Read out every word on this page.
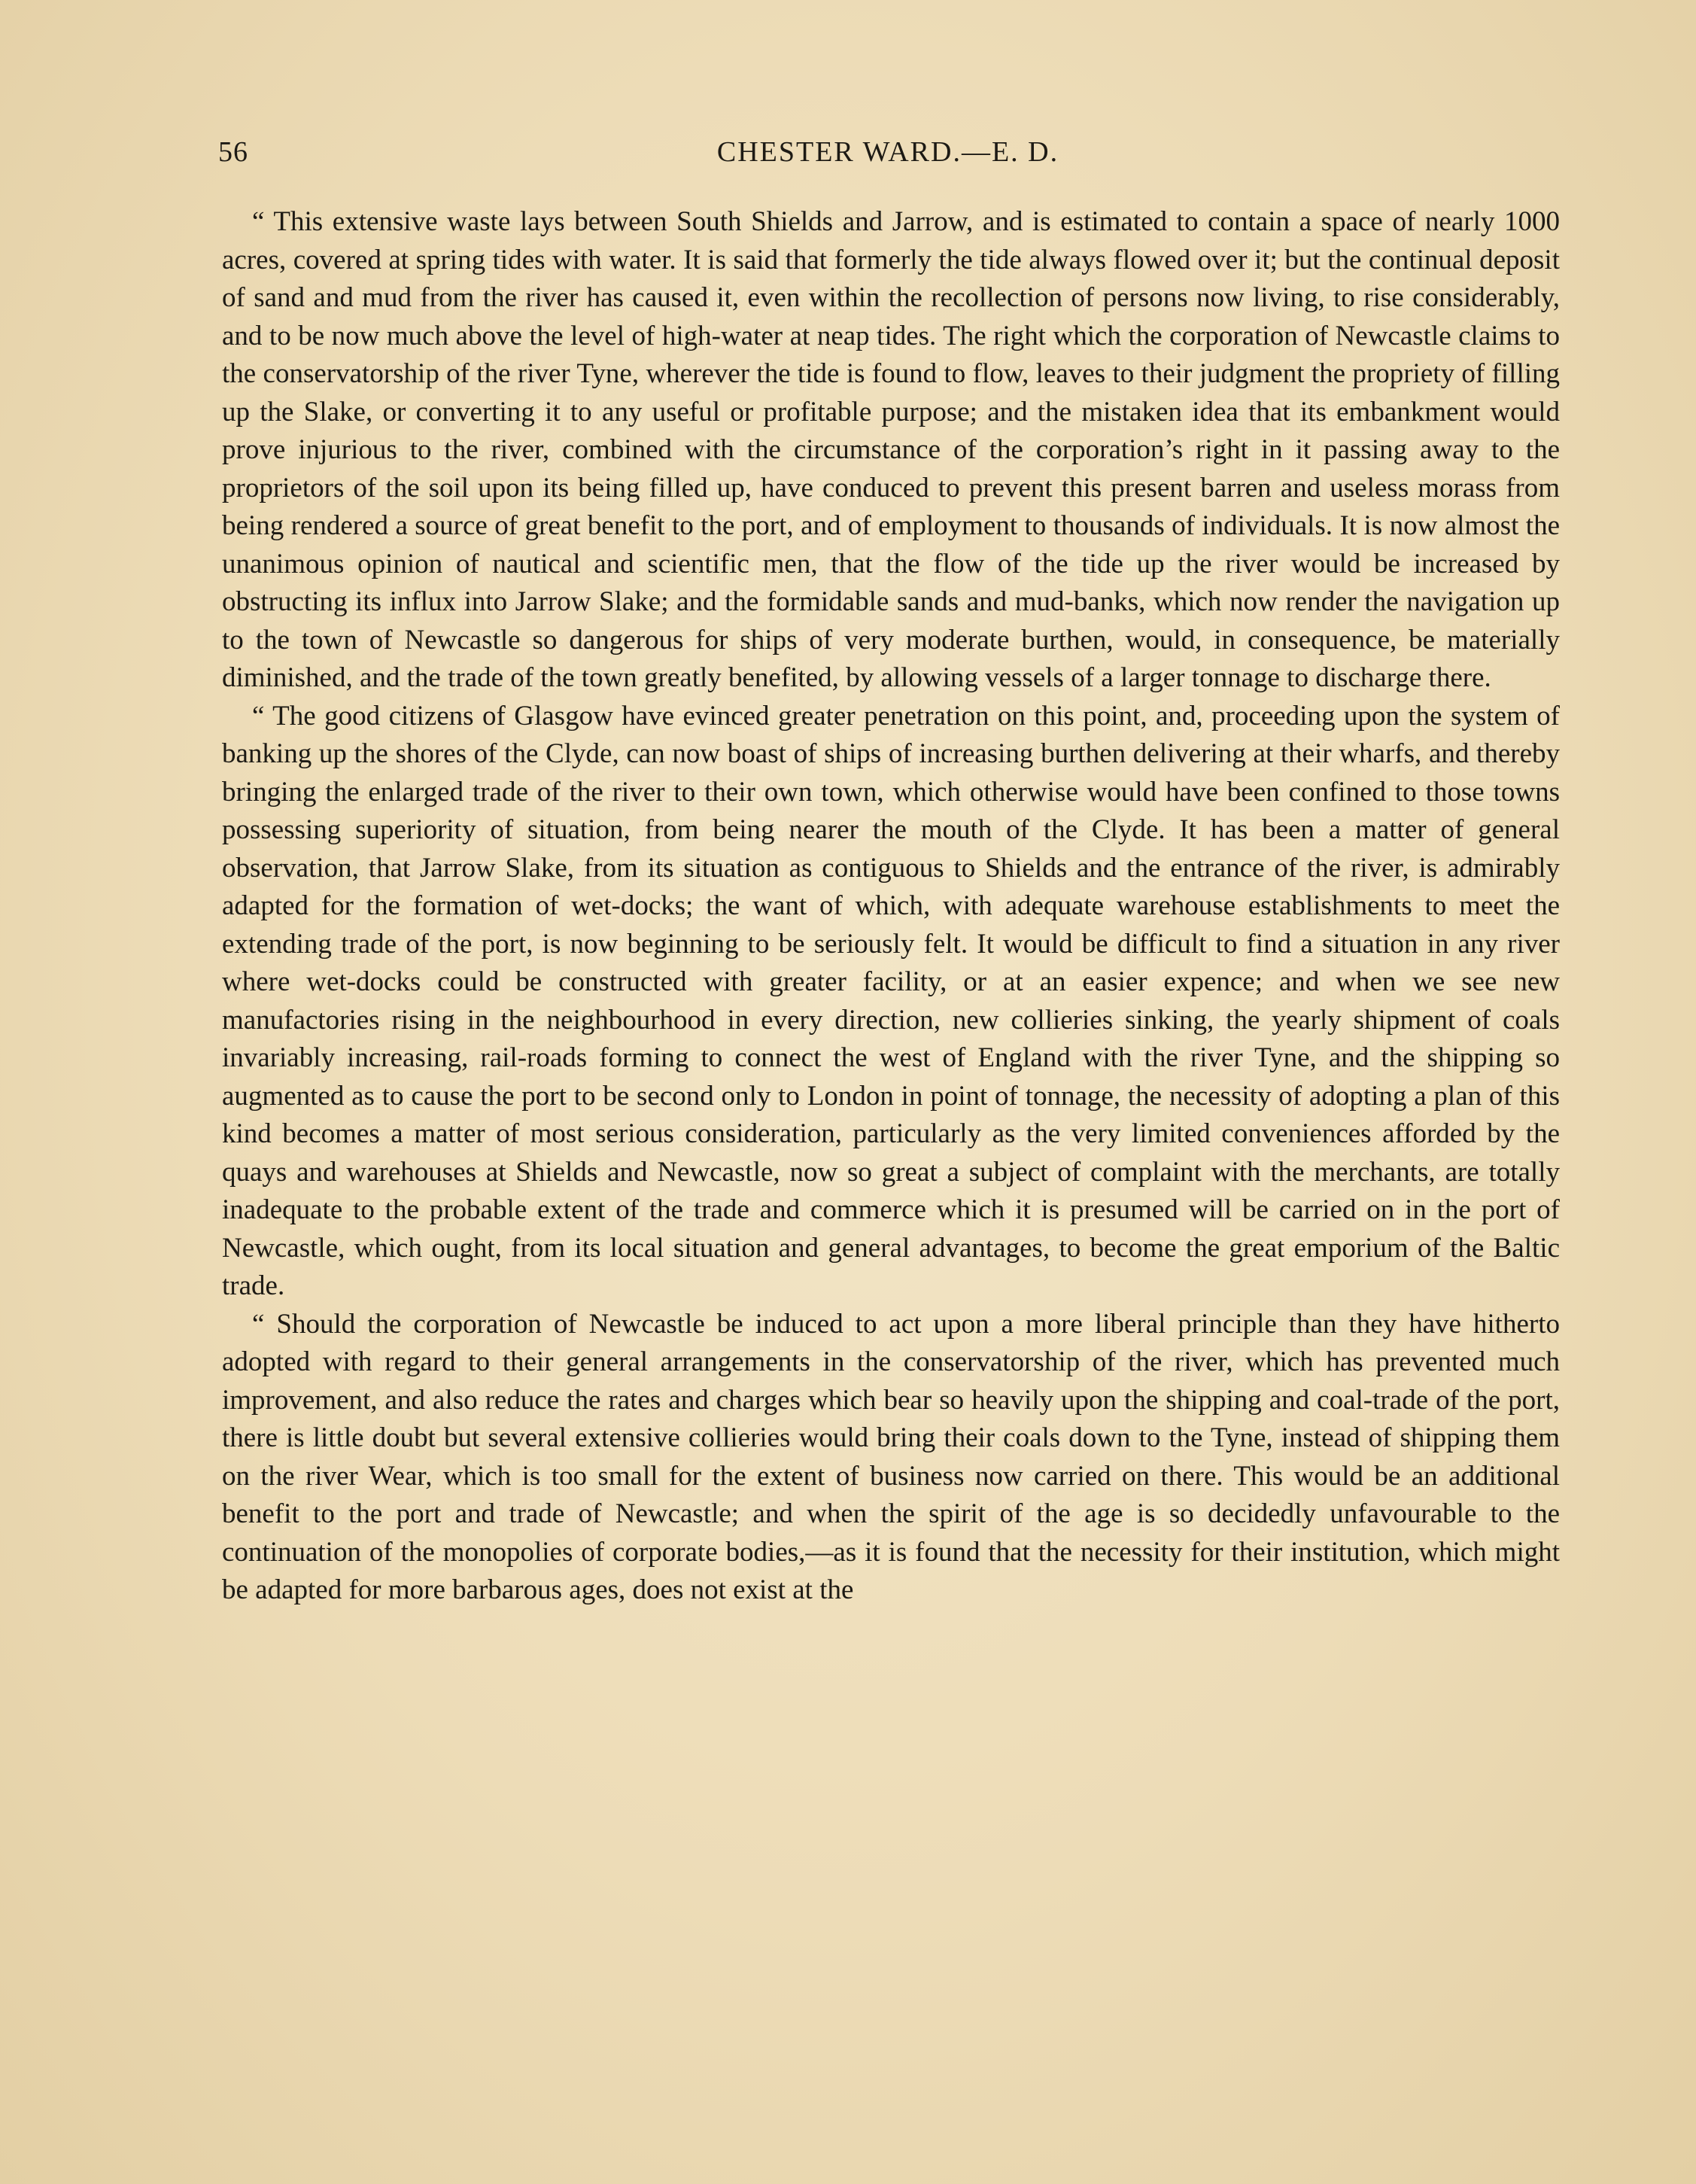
56	CHESTER WARD.—E. D.

“ This extensive waste lays between South Shields and Jarrow, and is estimated to contain a space of nearly 1000 acres, covered at spring tides with water. It is said that formerly the tide always flowed over it; but the continual deposit of sand and mud from the river has caused it, even within the recollection of persons now living, to rise considerably, and to be now much above the level of high-water at neap tides. The right which the corporation of Newcastle claims to the conservatorship of the river Tyne, wherever the tide is found to flow, leaves to their judgment the propriety of filling up the Slake, or converting it to any useful or profitable purpose; and the mistaken idea that its embankment would prove injurious to the river, combined with the circumstance of the corporation’s right in it passing away to the proprietors of the soil upon its being filled up, have conduced to prevent this present barren and useless morass from being rendered a source of great benefit to the port, and of employment to thousands of individuals. It is now almost the unanimous opinion of nautical and scientific men, that the flow of the tide up the river would be increased by obstructing its influx into Jarrow Slake; and the formidable sands and mud-banks, which now render the navigation up to the town of Newcastle so dangerous for ships of very moderate burthen, would, in consequence, be materially diminished, and the trade of the town greatly benefited, by allowing vessels of a larger tonnage to discharge there.

“ The good citizens of Glasgow have evinced greater penetration on this point, and, proceeding upon the system of banking up the shores of the Clyde, can now boast of ships of increasing burthen delivering at their wharfs, and thereby bringing the enlarged trade of the river to their own town, which otherwise would have been confined to those towns possessing superiority of situation, from being nearer the mouth of the Clyde. It has been a matter of general observation, that Jarrow Slake, from its situation as contiguous to Shields and the entrance of the river, is admirably adapted for the formation of wet-docks; the want of which, with adequate warehouse establishments to meet the extending trade of the port, is now beginning to be seriously felt. It would be difficult to find a situation in any river where wet-docks could be constructed with greater facility, or at an easier expence; and when we see new manufactories rising in the neighbourhood in every direction, new collieries sinking, the yearly shipment of coals invariably increasing, rail-roads forming to connect the west of England with the river Tyne, and the shipping so augmented as to cause the port to be second only to London in point of tonnage, the necessity of adopting a plan of this kind becomes a matter of most serious consideration, particularly as the very limited conveniences afforded by the quays and warehouses at Shields and Newcastle, now so great a subject of complaint with the merchants, are totally inadequate to the probable extent of the trade and commerce which it is presumed will be carried on in the port of Newcastle, which ought, from its local situation and general advantages, to become the great emporium of the Baltic trade.

“ Should the corporation of Newcastle be induced to act upon a more liberal principle than they have hitherto adopted with regard to their general arrangements in the conservatorship of the river, which has prevented much improvement, and also reduce the rates and charges which bear so heavily upon the shipping and coal-trade of the port, there is little doubt but several extensive collieries would bring their coals down to the Tyne, instead of shipping them on the river Wear, which is too small for the extent of business now carried on there. This would be an additional benefit to the port and trade of Newcastle; and when the spirit of the age is so decidedly unfavourable to the continuation of the monopolies of corporate bodies,—as it is found that the necessity for their institution, which might be adapted for more barbarous ages, does not exist at the
